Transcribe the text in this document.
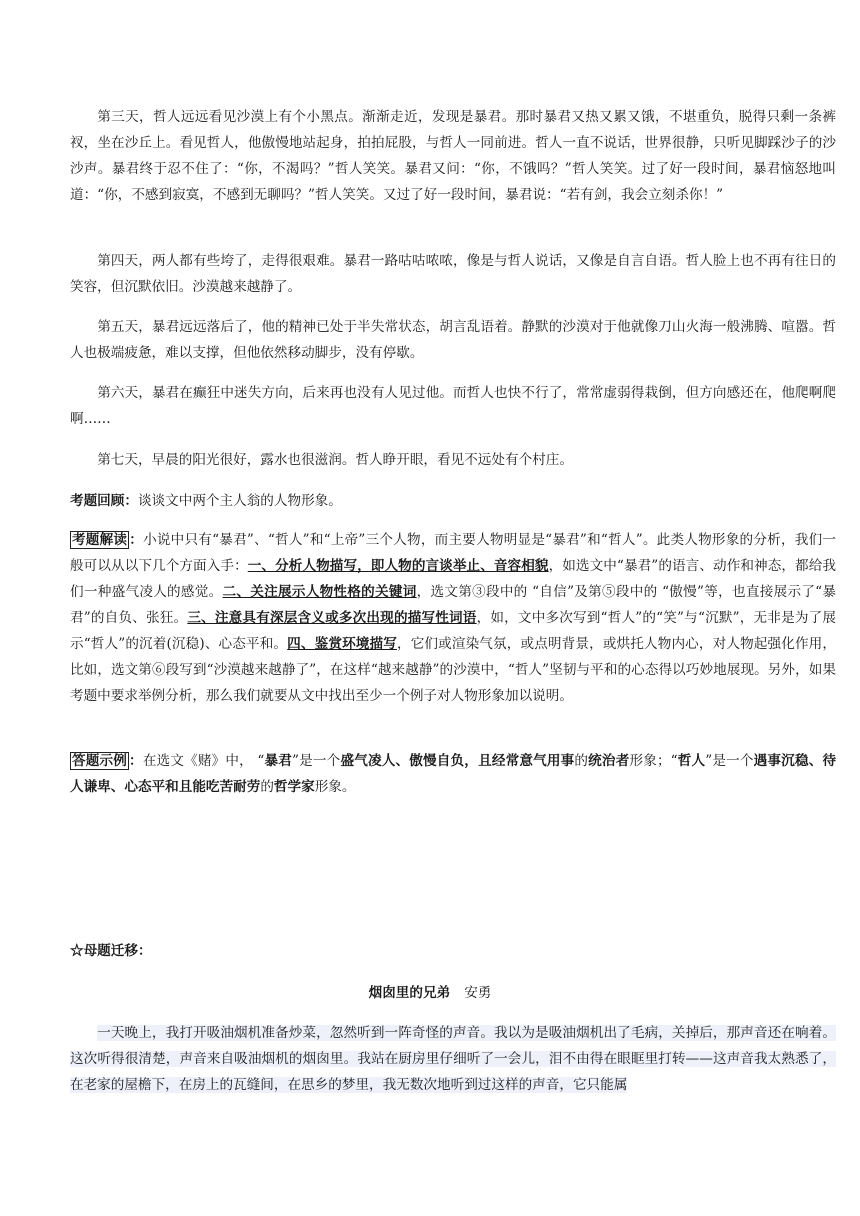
第三天，哲人远远看见沙漠上有个小黑点。渐渐走近，发现是暴君。那时暴君又热又累又饿，不堪重负，脱得只剩一条裤衩，坐在沙丘上。看见哲人，他傲慢地站起身，拍拍屁股，与哲人一同前进。哲人一直不说话，世界很静，只听见脚踩沙子的沙沙声。暴君终于忍不住了：“你，不渴吗？”哲人笑笑。暴君又问：“你，不饿吗？”哲人笑笑。过了好一段时间，暴君恼怒地叫道：“你，不感到寂寞，不感到无聊吗？”哲人笑笑。又过了好一段时间，暴君说：“若有剑，我会立刻杀你！”

第四天，两人都有些垮了，走得很艰难。暴君一路咕咕哝哝，像是与哲人说话，又像是自言自语。哲人脸上也不再有往日的笑容，但沉默依旧。沙漠越来越静了。

第五天，暴君远远落后了，他的精神已处于半失常状态，胡言乱语着。静默的沙漠对于他就像刀山火海一般沸腾、喧嚣。哲人也极端疲惫，难以支撑，但他依然移动脚步，没有停歇。

第六天，暴君在癫狂中迷失方向，后来再也没有人见过他。而哲人也快不行了，常常虚弱得栽倒，但方向感还在，他爬啊爬啊……

第七天，早晨的阳光很好，露水也很滋润。哲人睁开眼，看见不远处有个村庄。

考题回顾：谈谈文中两个主人翁的人物形象。

考题解读 ：小说中只有“暴君”、“哲人”和“上帝”三个人物，而主要人物明显是“暴君”和“哲人”。此类人物形象的分析，我们一般可以从以下几个方面入手：一、分析人物描写，即人物的言谈举止、音容相貌，如选文中“暴君”的语言、动作和神态，都给我们一种盛气凌人的感觉。二、关注展示人物性格的关键词，选文第③段中的 “自信”及第⑤段中的 “傲慢”等，也直接展示了“暴君”的自负、张狂。三、注意具有深层含义或多次出现的描写性词语，如，文中多次写到“哲人”的“笑”与“沉默”，无非是为了展示“哲人”的沉着(沉稳)、心态平和。四、鉴赏环境描写，它们或渲染气氛，或点明背景，或烘托人物内心，对人物起强化作用，比如，选文第⑥段写到“沙漠越来越静了”，在这样“越来越静”的沙漠中，“哲人”坚韧与平和的心态得以巧妙地展现。另外，如果考题中要求举例分析，那么我们就要从文中找出至少一个例子对人物形象加以说明。

答题示例 ：在选文《赌》中， “暴君”是一个盛气凌人、傲慢自负，且经常意气用事的统治者形象；“哲人”是一个遇事沉稳、待人谦卑、心态平和且能吃苦耐劳的哲学家形象。

☆母题迁移：

烟囱里的兄弟 安勇

一天晚上，我打开吸油烟机准备炒菜，忽然听到一阵奇怪的声音。我以为是吸油烟机出了毛病，关掉后，那声音还在响着。这次听得很清楚，声音来自吸油烟机的烟囱里。我站在厨房里仔细听了一会儿，泪不由得在眼眶里打转——这声音我太熟悉了，在老家的屋檐下，在房上的瓦缝间，在思乡的梦里，我无数次地听到过这样的声音，它只能属
